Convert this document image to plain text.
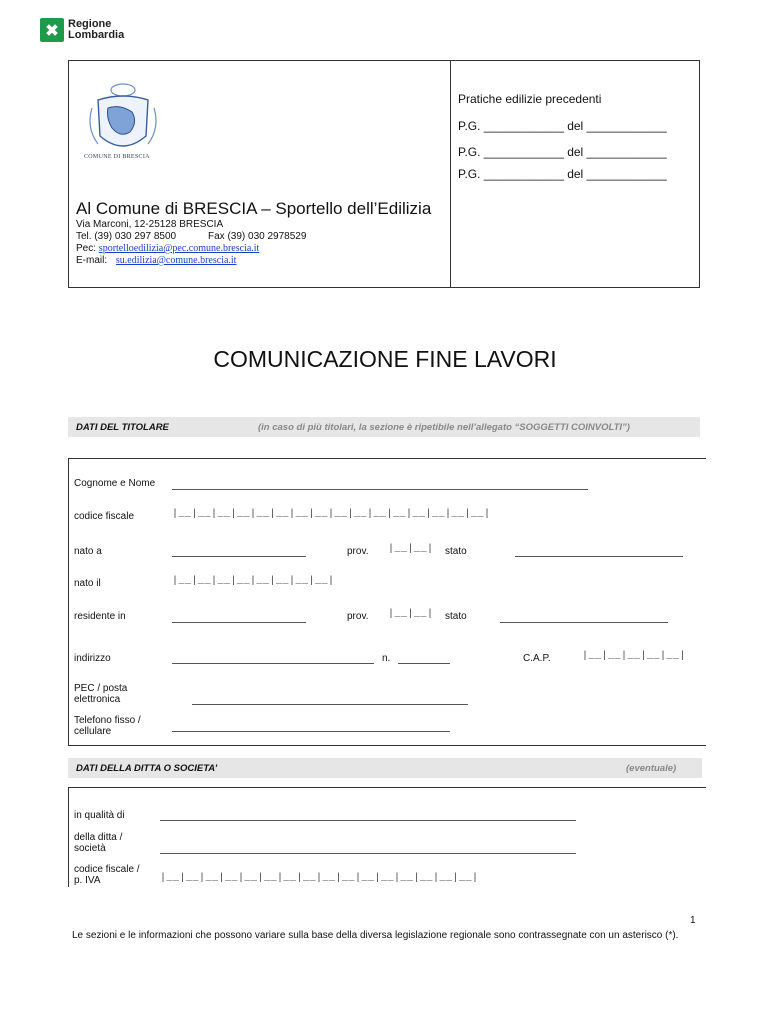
Regione
Lombardia
COMUNE DI BRESCIA
Pratiche edilizie precedenti
P.G. ____________ del ____________
P.G. ____________ del ____________
P.G. ____________ del ____________
Al Comune di BRESCIA – Sportello dell’Edilizia
Via Marconi, 12-25128 BRESCIA
Tel. (39) 030 297 8500	Fax (39) 030 2978529
Pec: sportelloedilizia@pec.comune.brescia.it
E-mail: su.edilizia@comune.brescia.it
COMUNICAZIONE FINE LAVORI
DATI DEL TITOLARE	(in caso di più titolari, la sezione è ripetibile nell’allegato “SOGGETTI COINVOLTI”)
Cognome e Nome
codice fiscale	|__|__|__|__|__|__|__|__|__|__|__|__|__|__|__|__|
nato a	prov. |__|__| stato
nato il	|__|__|__|__|__|__|__|__|
residente in	prov. |__|__| stato
indirizzo	n.	C.A.P.	|__|__|__|__|__|
PEC / posta
elettronica
Telefono fisso /
cellulare
DATI DELLA DITTA O SOCIETA’	(eventuale)
in qualità di
della ditta /
società
codice fiscale /
p. IVA	|__|__|__|__|__|__|__|__|__|__|__|__|__|__|__|__|
1
Le sezioni e le informazioni che possono variare sulla base della diversa legislazione regionale sono contrassegnate con un asterisco (*).
